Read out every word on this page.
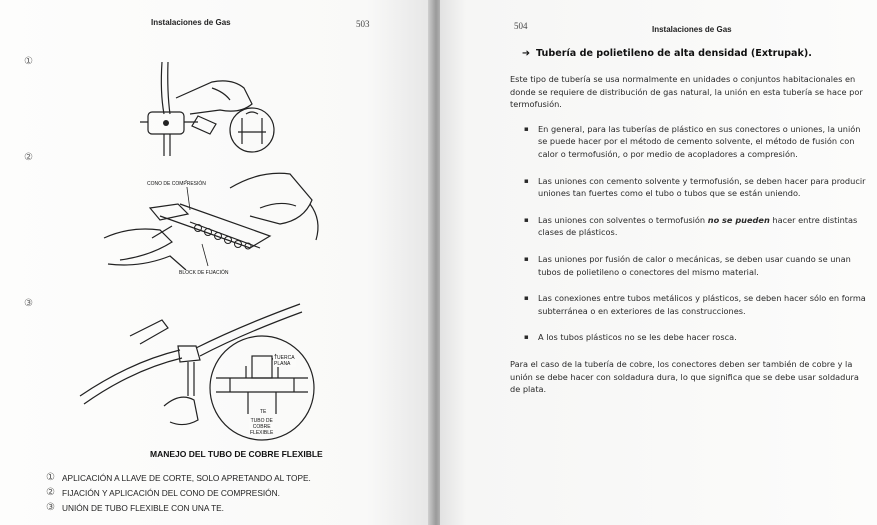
Instalaciones de Gas	503
①
②
③
CONO DE COMPRESIÓN
BLOCK DE FIJACIÓN
TUERCA
PLANA
TE
TUBO DE
COBRE
FLEXIBLE
MANEJO DEL TUBO DE COBRE FLEXIBLE
① APLICACIÓN A LLAVE DE CORTE, SOLO APRETANDO AL TOPE.
② FIJACIÓN Y APLICACIÓN DEL CONO DE COMPRESIÓN.
③ UNIÓN DE TUBO FLEXIBLE CON UNA TE.
504	Instalaciones de Gas
➔ Tubería de polietileno de alta densidad (Extrupak).
Este tipo de tubería se usa normalmente en unidades o conjuntos habitacionales en donde se requiere de distribución de gas natural, la unión en esta tubería se hace por termofusión.
▪ En general, para las tuberías de plástico en sus conectores o uniones, la unión se puede hacer por el método de cemento solvente, el método de fusión con calor o termofusión, o por medio de acopladores a compresión.
▪ Las uniones con cemento solvente y termofusión, se deben hacer para producir uniones tan fuertes como el tubo o tubos que se están uniendo.
▪ Las uniones con solventes o termofusión no se pueden hacer entre distintas clases de plásticos.
▪ Las uniones por fusión de calor o mecánicas, se deben usar cuando se unan tubos de polietileno o conectores del mismo material.
▪ Las conexiones entre tubos metálicos y plásticos, se deben hacer sólo en forma subterránea o en exteriores de las construcciones.
▪ A los tubos plásticos no se les debe hacer rosca.
Para el caso de la tubería de cobre, los conectores deben ser también de cobre y la unión se debe hacer con soldadura dura, lo que significa que se debe usar soldadura de plata.
